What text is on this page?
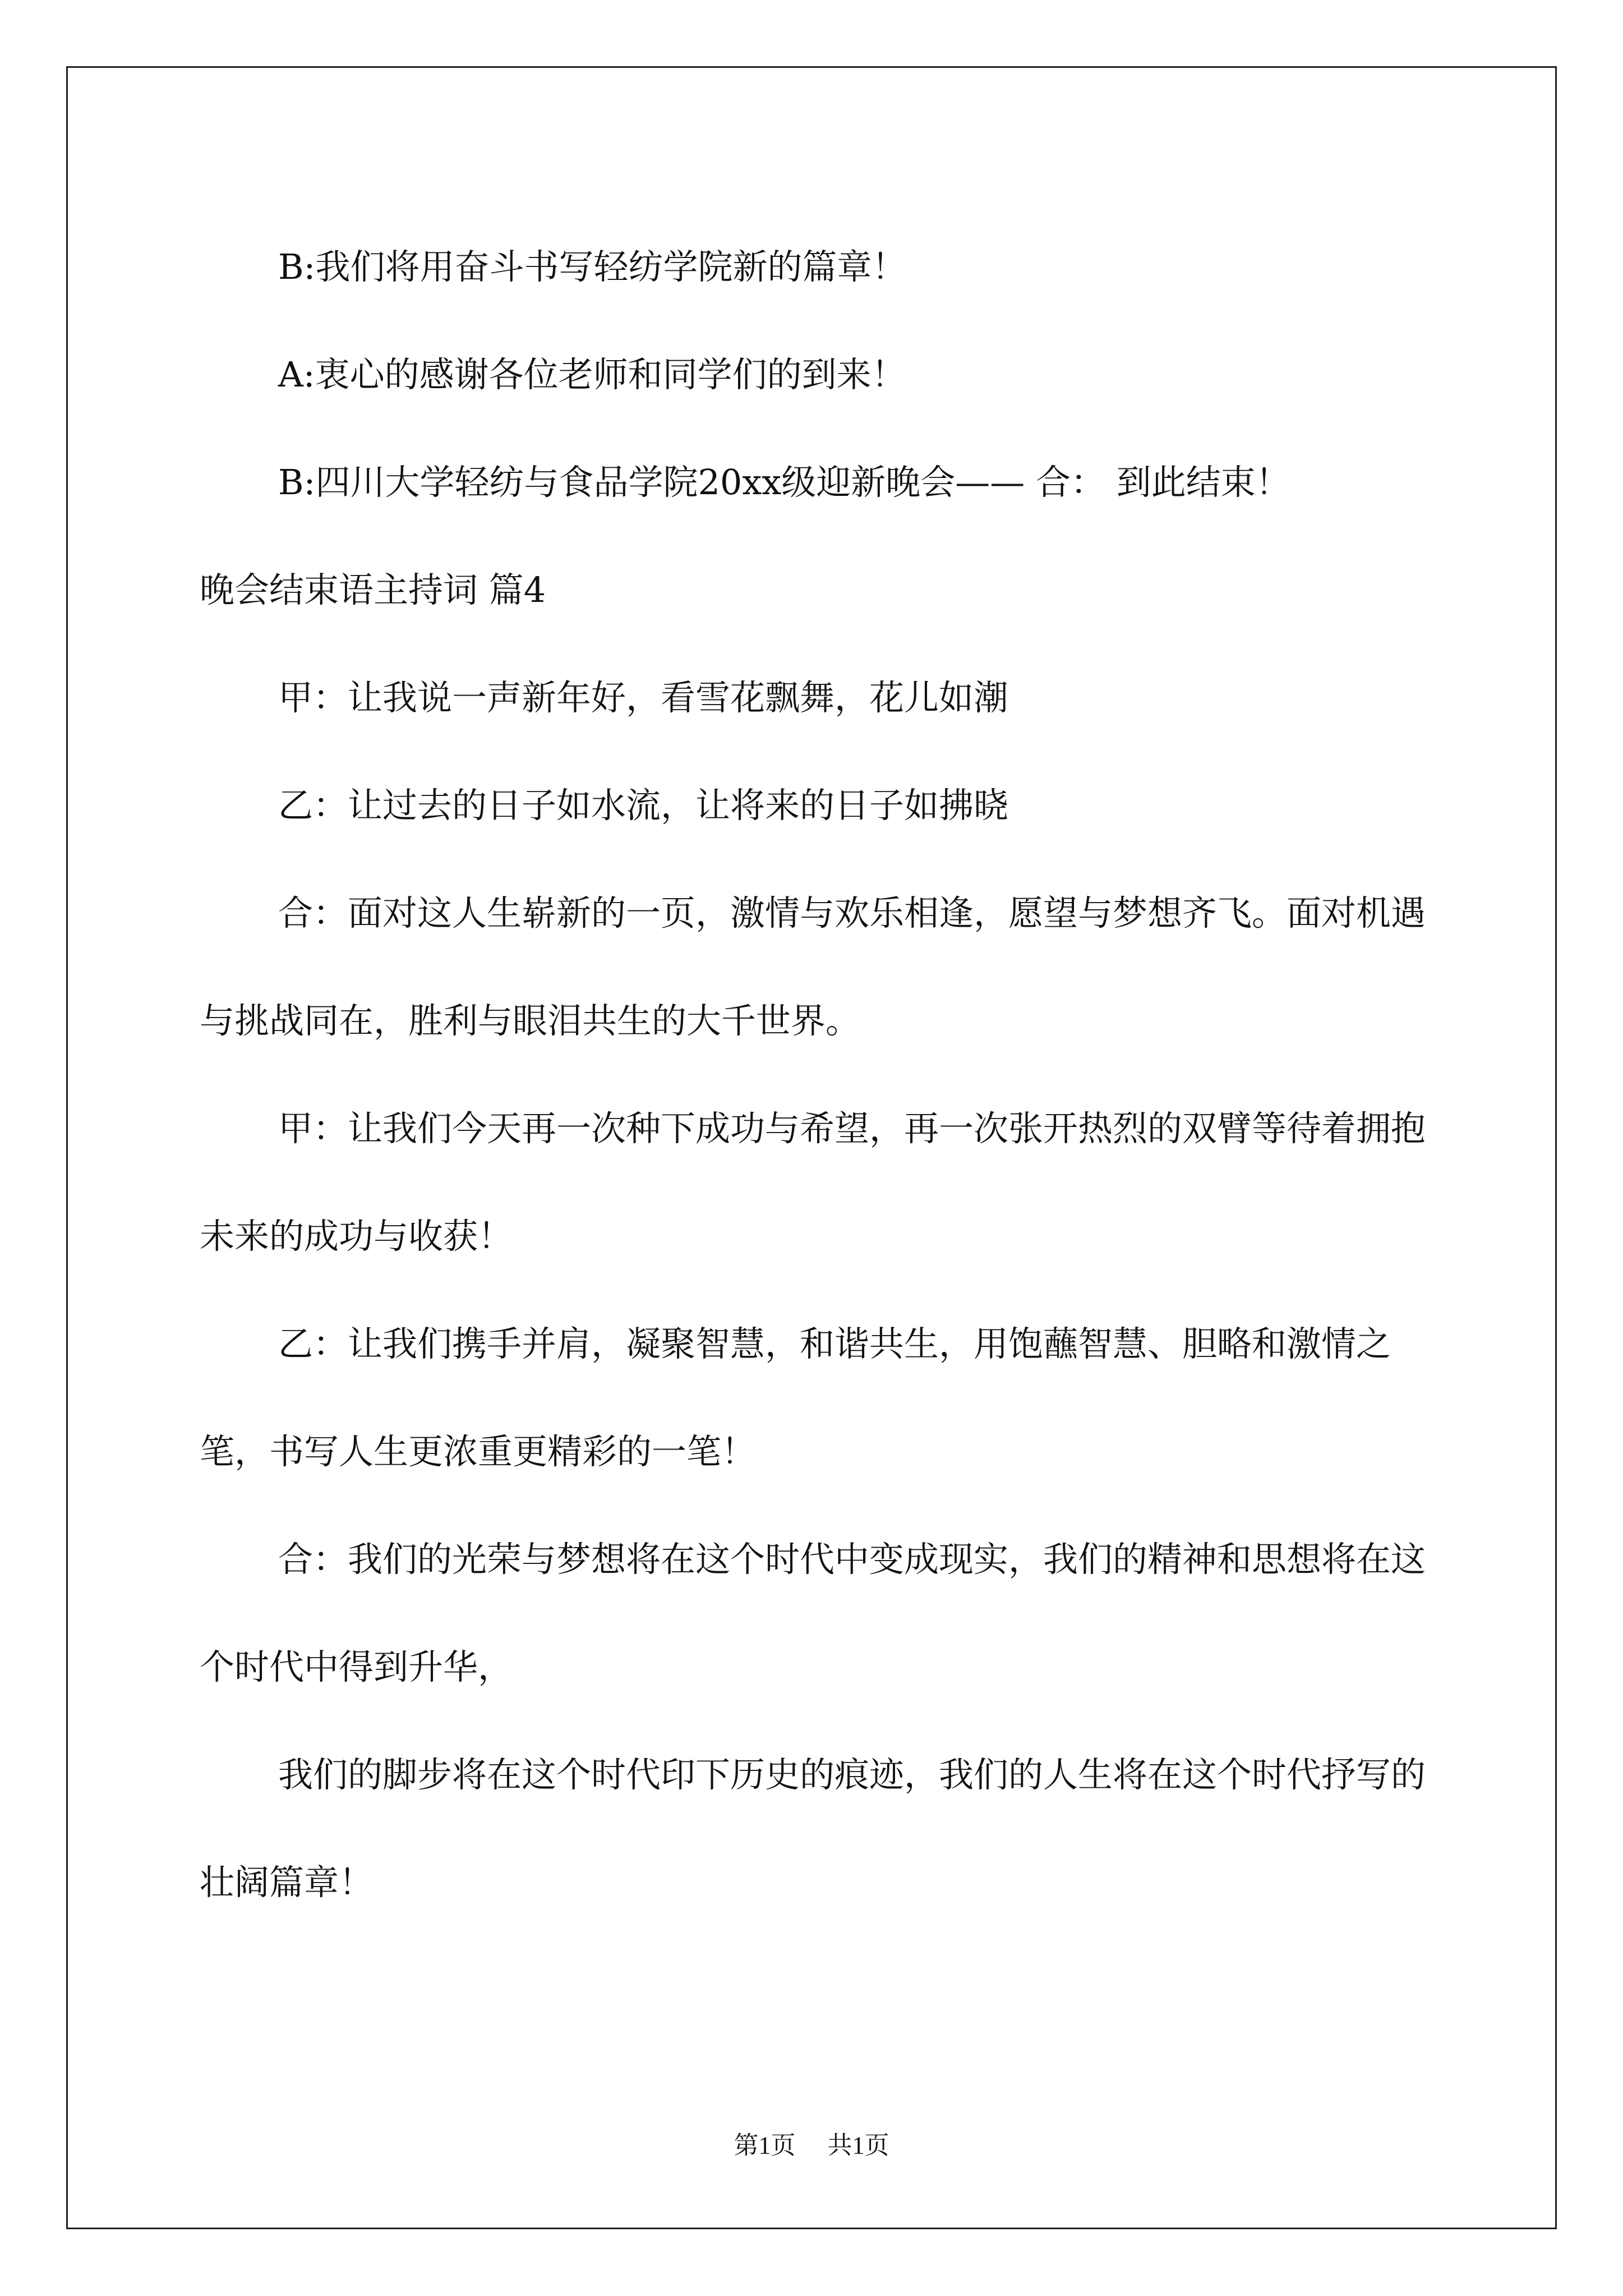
B:我们将用奋斗书写轻纺学院新的篇章！

A:衷心的感谢各位老师和同学们的到来！

B:四川大学轻纺与食品学院20xx级迎新晚会—— 合： 到此结束！

晚会结束语主持词 篇4

甲：让我说一声新年好，看雪花飘舞，花儿如潮

乙：让过去的日子如水流，让将来的日子如拂晓

合：面对这人生崭新的一页，激情与欢乐相逢，愿望与梦想齐飞。面对机遇与挑战同在，胜利与眼泪共生的大千世界。

甲：让我们今天再一次种下成功与希望，再一次张开热烈的双臂等待着拥抱未来的成功与收获！

乙：让我们携手并肩，凝聚智慧，和谐共生，用饱蘸智慧、胆略和激情之笔，书写人生更浓重更精彩的一笔！

合：我们的光荣与梦想将在这个时代中变成现实，我们的精神和思想将在这个时代中得到升华，

我们的脚步将在这个时代印下历史的痕迹，我们的人生将在这个时代抒写的壮阔篇章！

第1页 共1页
